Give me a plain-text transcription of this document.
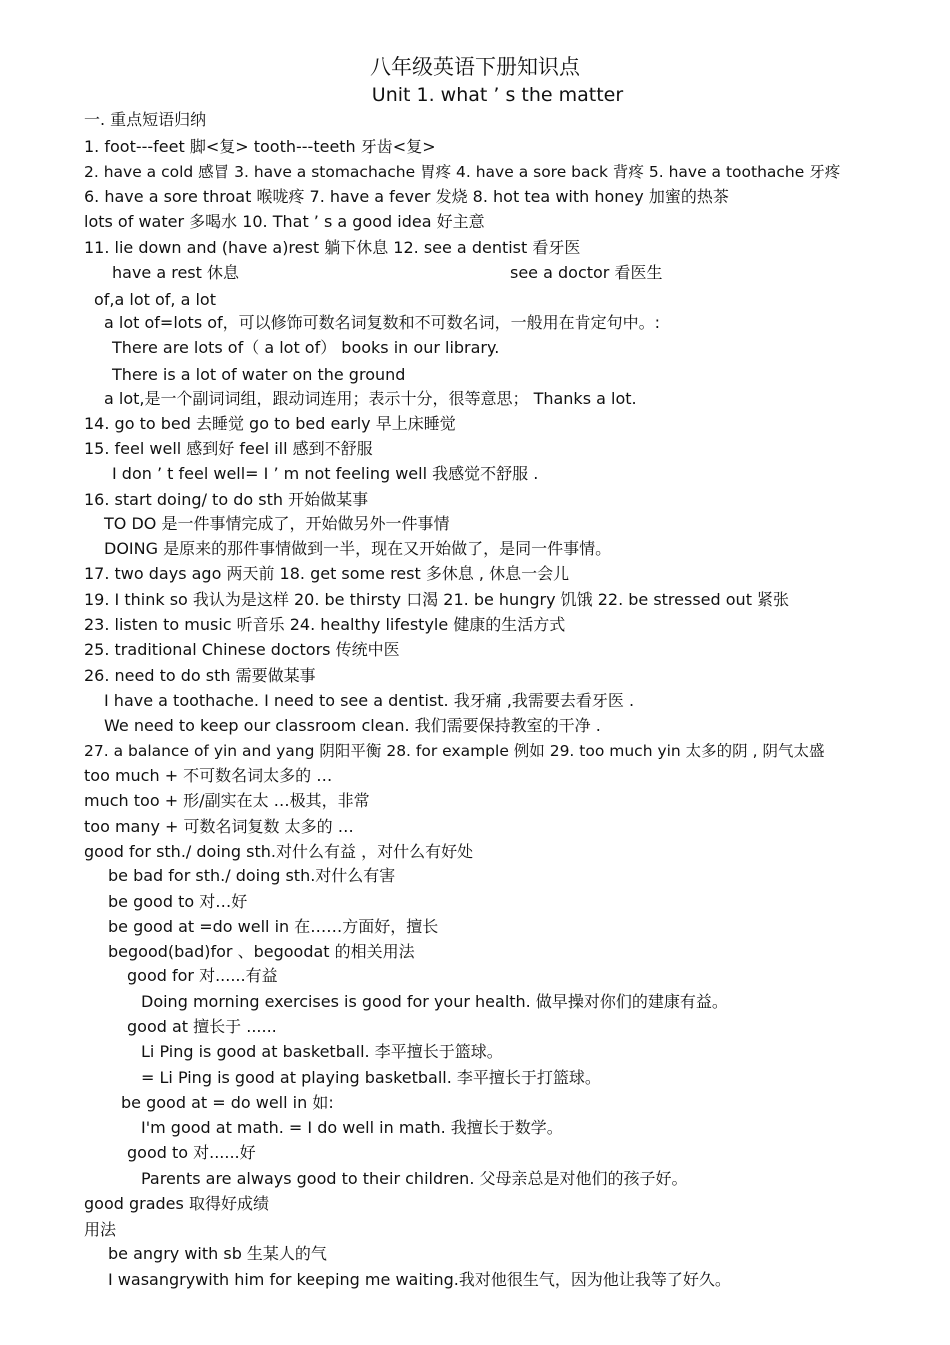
八年级英语下册知识点
Unit 1. what ’ s the matter
一. 重点短语归纳
1. foot---feet 脚<复> tooth---teeth 牙齿<复>
2. have a cold 感冒 3. have a stomachache 胃疼 4. have a sore back 背疼 5. have a toothache 牙疼
6. have a sore throat 喉咙疼 7. have a fever 发烧 8. hot tea with honey 加蜜的热茶
lots of water 多喝水 10. That ’ s a good idea 好主意
11. lie down and (have a)rest 躺下休息 12. see a dentist 看牙医
have a rest 休息	see a doctor 看医生
of,a lot of, a lot
a lot of=lots of，可以修饰可数名词复数和不可数名词，一般用在肯定句中。:
There are lots of（ a lot of） books in our library.
There is a lot of water on the ground
a lot,是一个副词词组，跟动词连用；表示十分，很等意思； Thanks a lot.
14. go to bed 去睡觉 go to bed early 早上床睡觉
15. feel well 感到好 feel ill 感到不舒服
I don ’ t feel well= I ’ m not feeling well 我感觉不舒服 .
16. start doing/ to do sth 开始做某事
TO DO 是一件事情完成了，开始做另外一件事情
DOING 是原来的那件事情做到一半，现在又开始做了，是同一件事情。
17. two days ago 两天前 18. get some rest 多休息 , 休息一会儿
19. I think so 我认为是这样 20. be thirsty 口渴 21. be hungry 饥饿 22. be stressed out 紧张
23. listen to music 听音乐 24. healthy lifestyle 健康的生活方式
25. traditional Chinese doctors 传统中医
26. need to do sth 需要做某事
I have a toothache. I need to see a dentist. 我牙痛 ,我需要去看牙医 .
We need to keep our classroom clean. 我们需要保持教室的干净 .
27. a balance of yin and yang 阴阳平衡 28. for example 例如 29. too much yin 太多的阴 , 阴气太盛
too much + 不可数名词太多的 …
much too + 形/副实在太 …极其，非常
too many + 可数名词复数 太多的 …
good for sth./ doing sth.对什么有益 ，对什么有好处
be bad for sth./ doing sth.对什么有害
be good to 对…好
be good at =do well in 在……方面好，擅长
begood(bad)for 、begoodat 的相关用法
good for 对......有益
Doing morning exercises is good for your health. 做早操对你们的建康有益。
good at 擅长于 ......
Li Ping is good at basketball. 李平擅长于篮球。
= Li Ping is good at playing basketball. 李平擅长于打篮球。
be good at = do well in 如:
I'm good at math. = I do well in math. 我擅长于数学。
good to 对......好
Parents are always good to their children. 父母亲总是对他们的孩子好。
good grades 取得好成绩
用法
be angry with sb 生某人的气
I wasangrywith him for keeping me waiting.我对他很生气，因为他让我等了好久。
